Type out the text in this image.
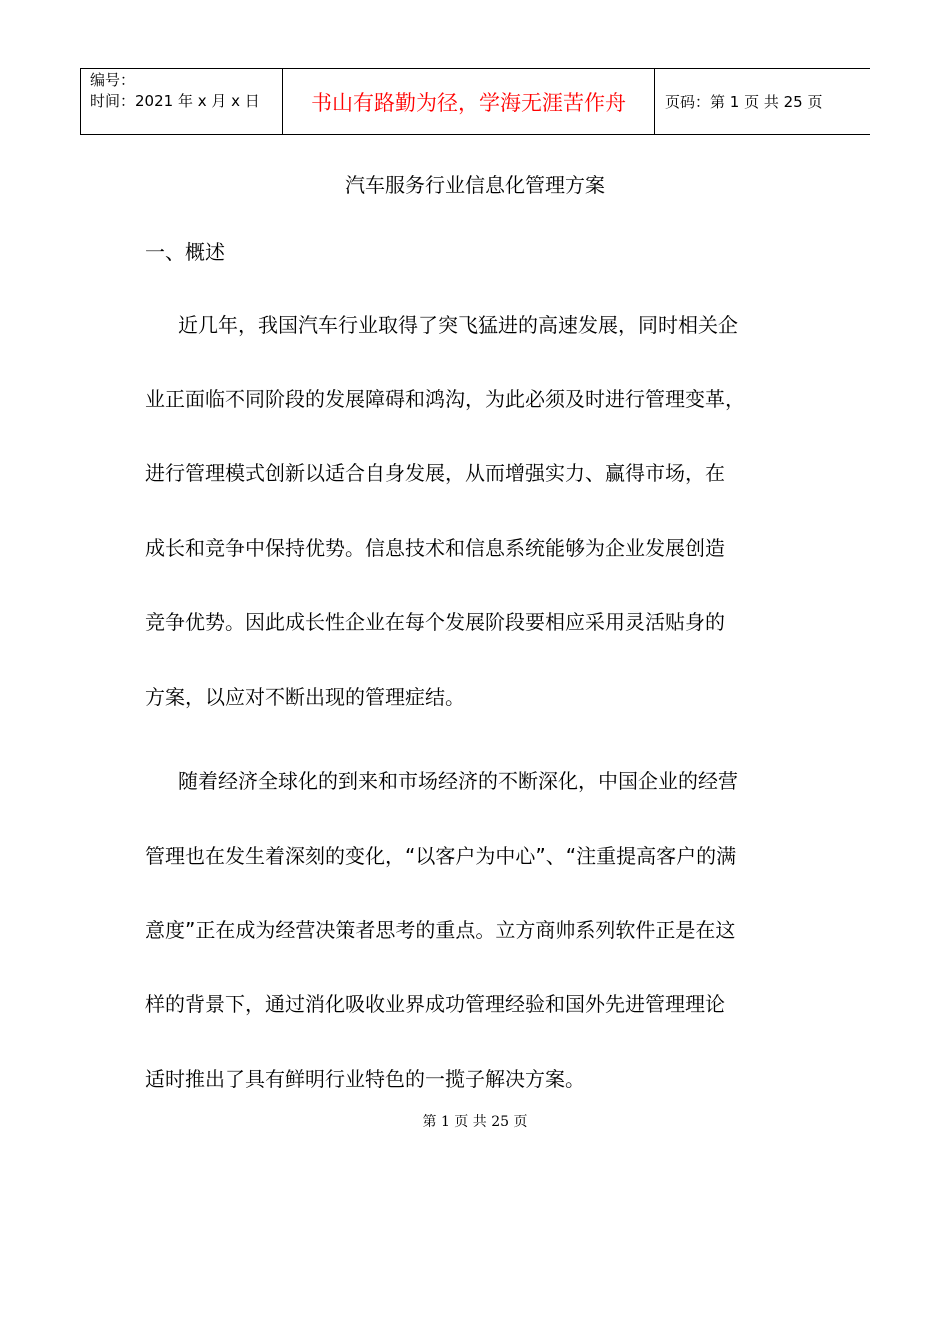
编号：
时间：2021 年 x 月 x 日	书山有路勤为径，学海无涯苦作舟	页码：第 1 页 共 25 页
汽车服务行业信息化管理方案
一、概述
近几年，我国汽车行业取得了突飞猛进的高速发展，同时相关企
业正面临不同阶段的发展障碍和鸿沟，为此必须及时进行管理变革，
进行管理模式创新以适合自身发展，从而增强实力、赢得市场，在
成长和竞争中保持优势。信息技术和信息系统能够为企业发展创造
竞争优势。因此成长性企业在每个发展阶段要相应采用灵活贴身的
方案，以应对不断出现的管理症结。
随着经济全球化的到来和市场经济的不断深化，中国企业的经营
管理也在发生着深刻的变化，“以客户为中心”、“注重提高客户的满
意度”正在成为经营决策者思考的重点。立方商帅系列软件正是在这
样的背景下，通过消化吸收业界成功管理经验和国外先进管理理论
适时推出了具有鲜明行业特色的一揽子解决方案。
第 1 页 共 25 页
